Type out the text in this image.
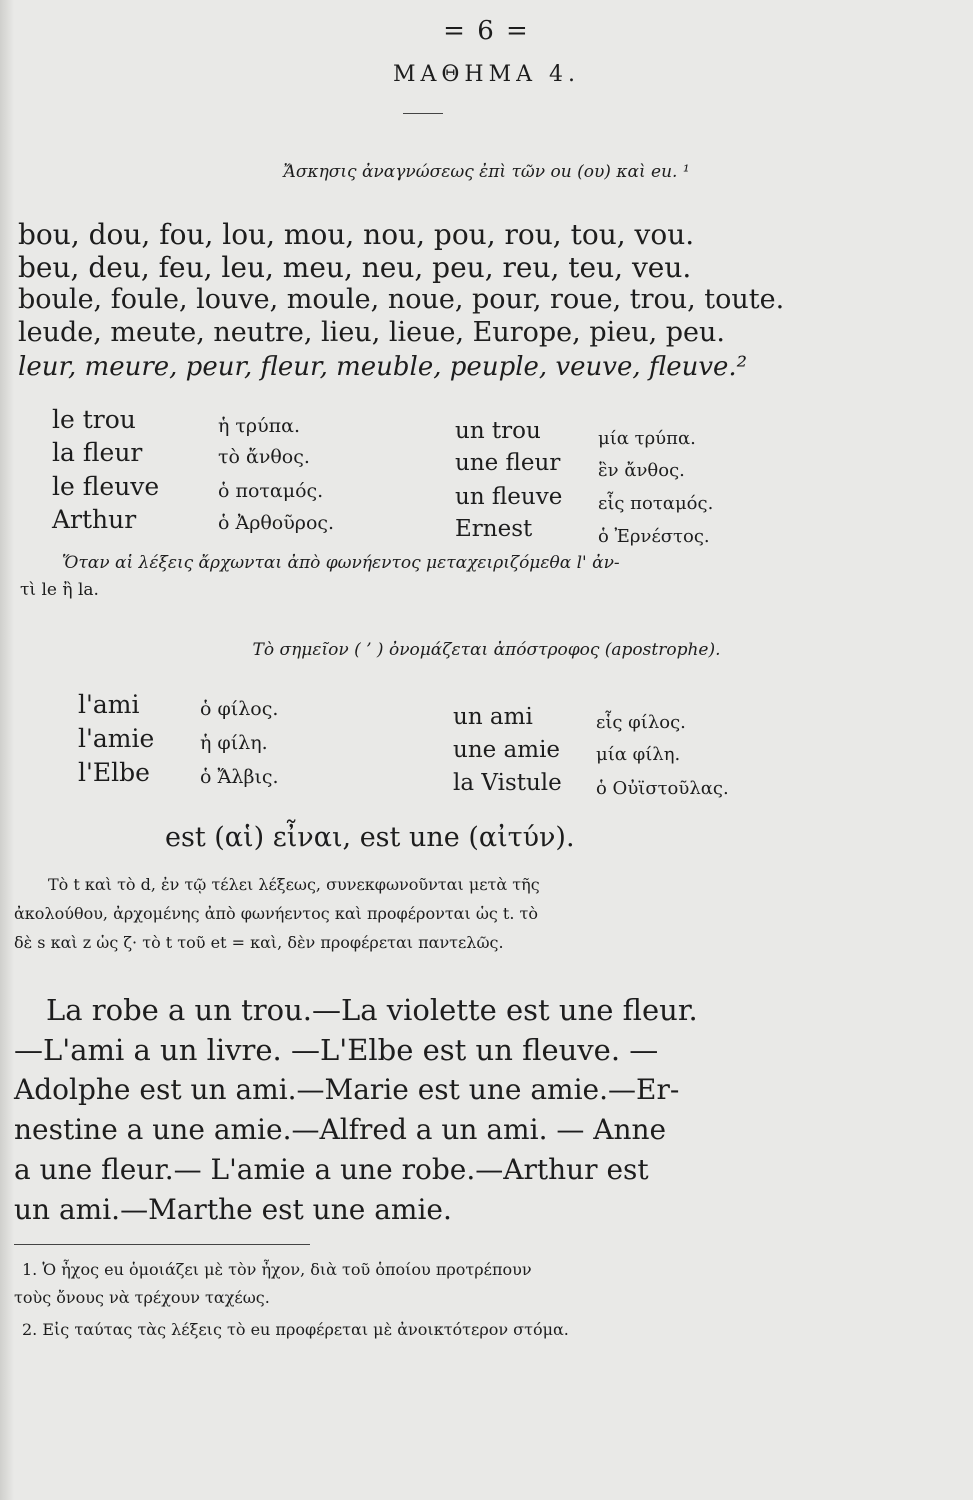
= 6 =
ΜΑΘΗΜΑ 4.
Ἄσκησις ἀναγνώσεως ἐπὶ τῶν ou (ου) καὶ eu. ¹
bou, dou, fou, lou, mou, nou, pou, rou, tou, vou.
beu, deu, feu, leu, meu, neu, peu, reu, teu, veu.
boule, foule, louve, moule, noue, pour, roue, trou, toute.
leude, meute, neutre, lieu, lieue, Europe, pieu, peu.
leur, meure, peur, fleur, meuble, peuple, veuve, fleuve.²
le trou	ἡ τρύπα.	un trou	μία τρύπα.
la fleur	τὸ ἄνθος.	une fleur ἓν ἄνθος.
le fleuve	ὁ ποταμός.	un fleuve εἷς ποταμός.
Arthur	ὁ Ἀρθοῦρος.	Ernest	ὁ Ἐρνέστος.
Ὅταν αἱ λέξεις ἄρχωνται ἀπὸ φωνήεντος μεταχειριζόμεθα l' ἀν-
τὶ le ἢ la.
Τὸ σημεῖον ( ’ ) ὀνομάζεται ἀπόστροφος (apostrophe).
l'ami	ὁ φίλος.	un ami	εἷς φίλος.
l'amie ἡ φίλη.	une amie μία φίλη.
l'Elbe	ὁ Ἄλβις.	la Vistule ὁ Οὐϊστοῦλας.
est (αἱ) εἶναι, est une (αἰτύν).
Τὸ t καὶ τὸ d, ἐν τῷ τέλει λέξεως, συνεκφωνοῦνται μετὰ τῆς
ἀκολούθου, ἀρχομένης ἀπὸ φωνήεντος καὶ προφέρονται ὡς t. τὸ
δὲ s καὶ z ὡς ζ· τὸ t τοῦ et = καὶ, δὲν προφέρεται παντελῶς.
La robe a un trou.—La violette est une fleur.
—L'ami a un livre. —L'Elbe est un fleuve. —
Adolphe est un ami.—Marie est une amie.—Er-
nestine a une amie.—Alfred a un ami. — Anne
a une fleur.— L'amie a une robe.—Arthur est
un ami.—Marthe est une amie.
1. Ὁ ἦχος eu ὁμοιάζει μὲ τὸν ἦχον, διὰ τοῦ ὁποίου προτρέπουν
τοὺς ὄνους νὰ τρέχουν ταχέως.
2. Εἰς ταύτας τὰς λέξεις τὸ eu προφέρεται μὲ ἀνοικτότερον στόμα.
